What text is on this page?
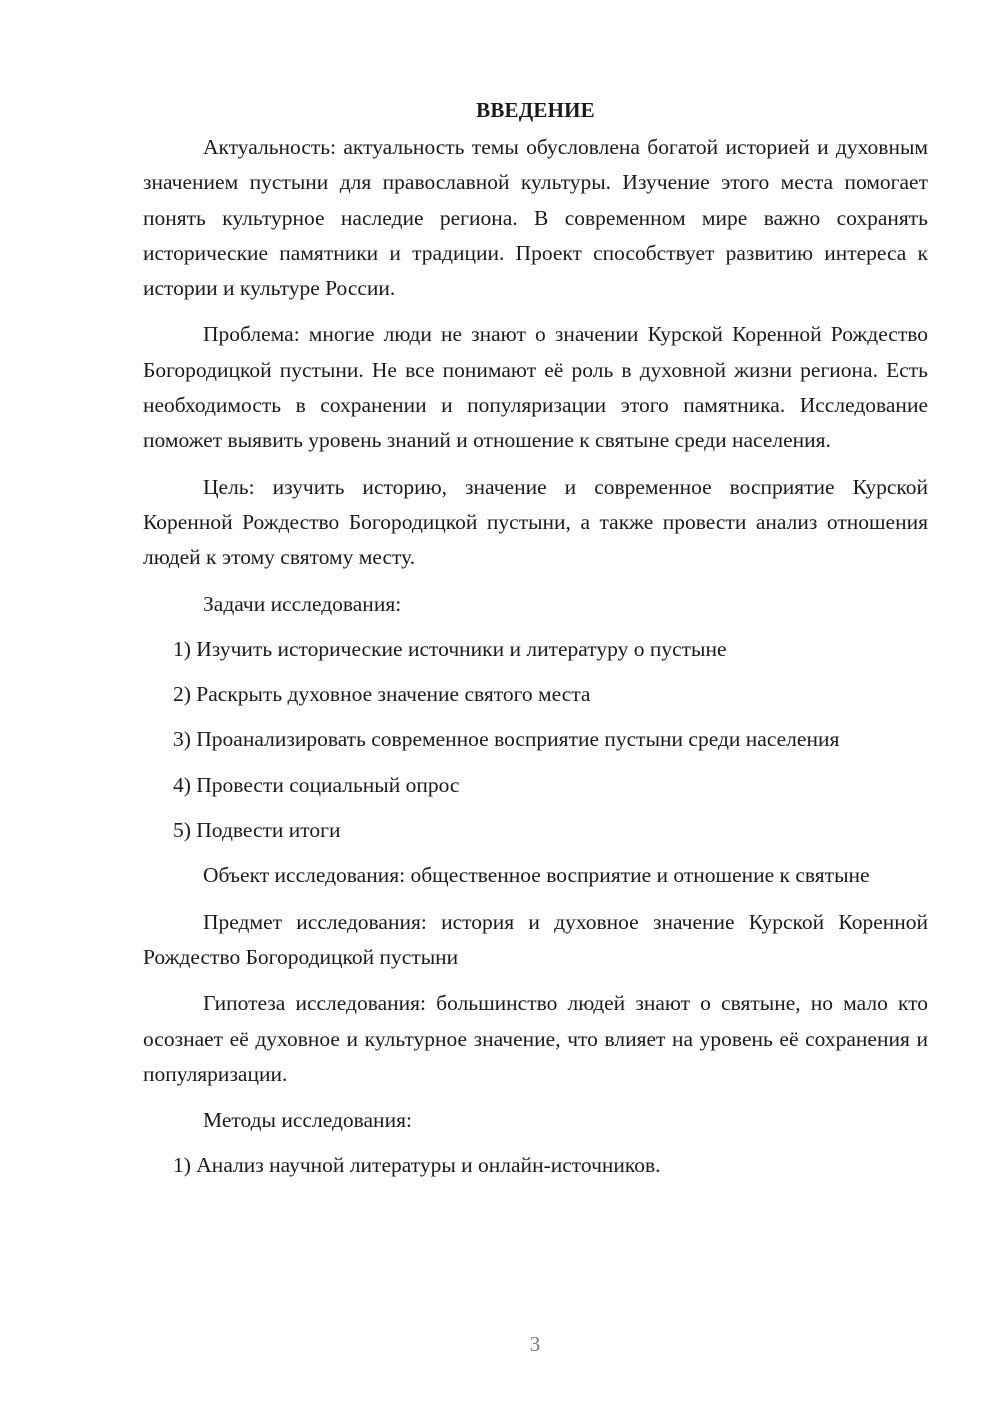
ВВЕДЕНИЕ

Актуальность: актуальность темы обусловлена богатой историей и духовным значением пустыни для православной культуры. Изучение этого места помогает понять культурное наследие региона. В современном мире важно сохранять исторические памятники и традиции. Проект способствует развитию интереса к истории и культуре России.

Проблема: многие люди не знают о значении Курской Коренной Рождество Богородицкой пустыни. Не все понимают её роль в духовной жизни региона. Есть необходимость в сохранении и популяризации этого памятника. Исследование поможет выявить уровень знаний и отношение к святыне среди населения.

Цель: изучить историю, значение и современное восприятие Курской Коренной Рождество Богородицкой пустыни, а также провести анализ отношения людей к этому святому месту.

Задачи исследования:

1) Изучить исторические источники и литературу о пустыне

2) Раскрыть духовное значение святого места

3) Проанализировать современное восприятие пустыни среди населения

4) Провести социальный опрос

5) Подвести итоги

Объект исследования: общественное восприятие и отношение к святыне

Предмет исследования: история и духовное значение Курской Коренной Рождество Богородицкой пустыни

Гипотеза исследования: большинство людей знают о святыне, но мало кто осознает её духовное и культурное значение, что влияет на уровень её сохранения и популяризации.

Методы исследования:

1) Анализ научной литературы и онлайн-источников.

3
